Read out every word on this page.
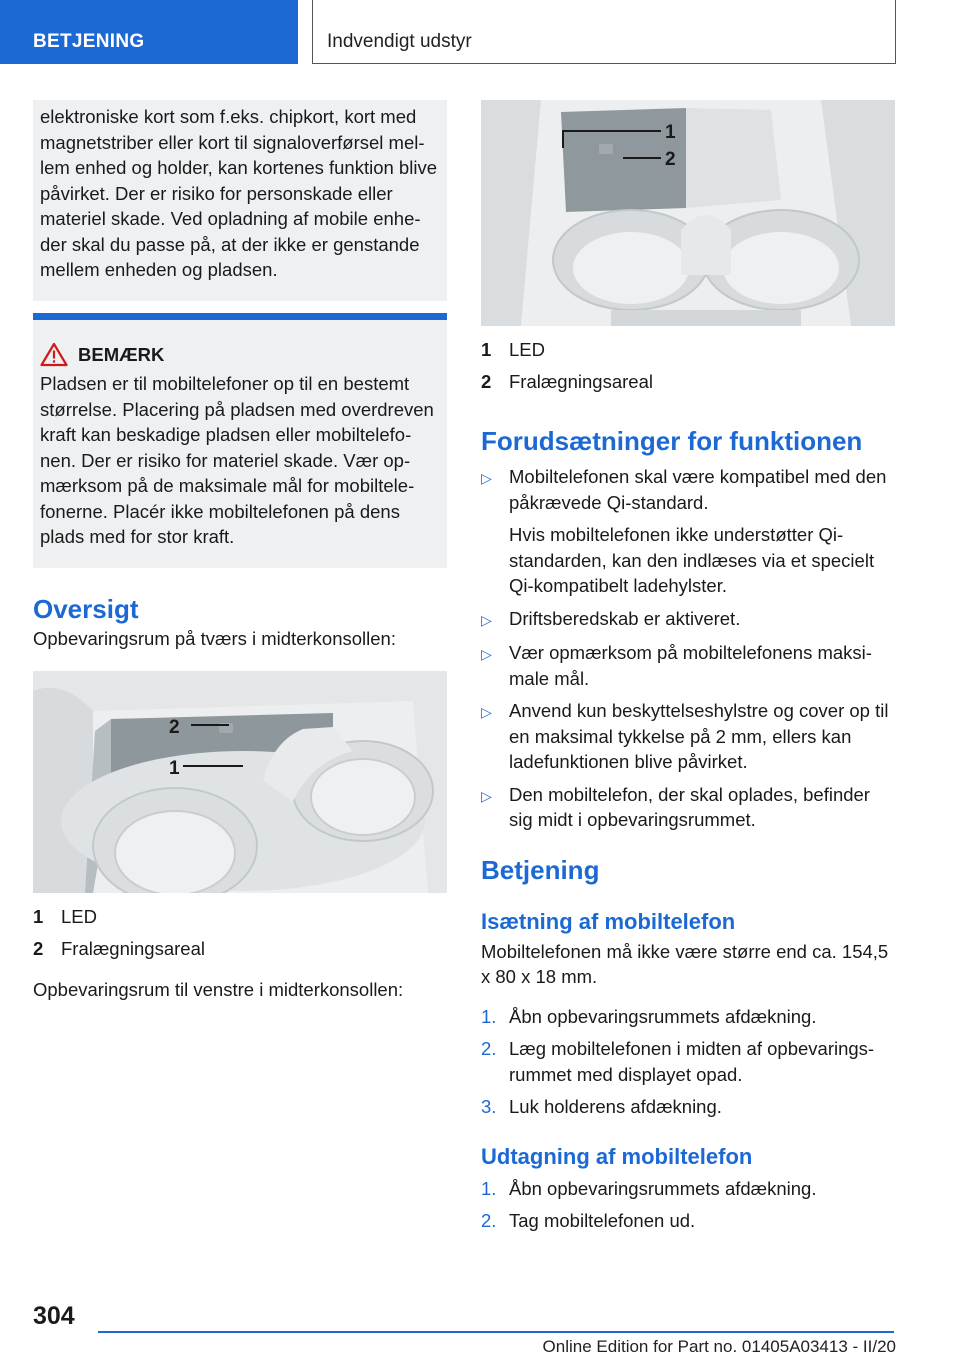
BETJENING	Indvendigt udstyr

elektroniske kort som f.eks. chipkort, kort med magnetstriber eller kort til signaloverførsel mellem enhed og holder, kan kortenes funktion blive påvirket. Der er risiko for personskade eller materiel skade. Ved opladning af mobile enheder skal du passe på, at der ikke er genstande mellem enheden og pladsen.

BEMÆRK

Pladsen er til mobiltelefoner op til en bestemt størrelse. Placering på pladsen med overdreven kraft kan beskadige pladsen eller mobiltelefonen. Der er risiko for materiel skade. Vær opmærksom på de maksimale mål for mobiltelefonerne. Placér ikke mobiltelefonen på dens plads med for stor kraft.

Oversigt

Opbevaringsrum på tværs i midterkonsollen:

2
1
1 LED
2 Fralægningsareal

Opbevaringsrum til venstre i midterkonsollen:

1
2
1 LED
2 Fralægningsareal
Forudsætninger for funktionen
▷ Mobiltelefonen skal være kompatibel med den påkrævede Qi-standard.

Hvis mobiltelefonen ikke understøtter Qi-standarden, kan den indlæses via et specielt Qi-kompatibelt ladehylster.

▷ Driftsberedskab er aktiveret.

▷ Vær opmærksom på mobiltelefonens maksimale mål.

▷ Anvend kun beskyttelseshylstre og cover op til en maksimal tykkelse på 2 mm, ellers kan ladefunktionen blive påvirket.

▷ Den mobiltelefon, der skal oplades, befinder sig midt i opbevaringsrummet.

Betjening
Isætning af mobiltelefon

Mobiltelefonen må ikke være større end ca. 154,5 x 80 x 18 mm.

1. Åbn opbevaringsrummets afdækning.
2. Læg mobiltelefonen i midten af opbevaringsrummet med displayet opad.
3. Luk holderens afdækning.
Udtagning af mobiltelefon
1. Åbn opbevaringsrummets afdækning.
2. Tag mobiltelefonen ud.
304
Online Edition for Part no. 01405A03413 - II/20
